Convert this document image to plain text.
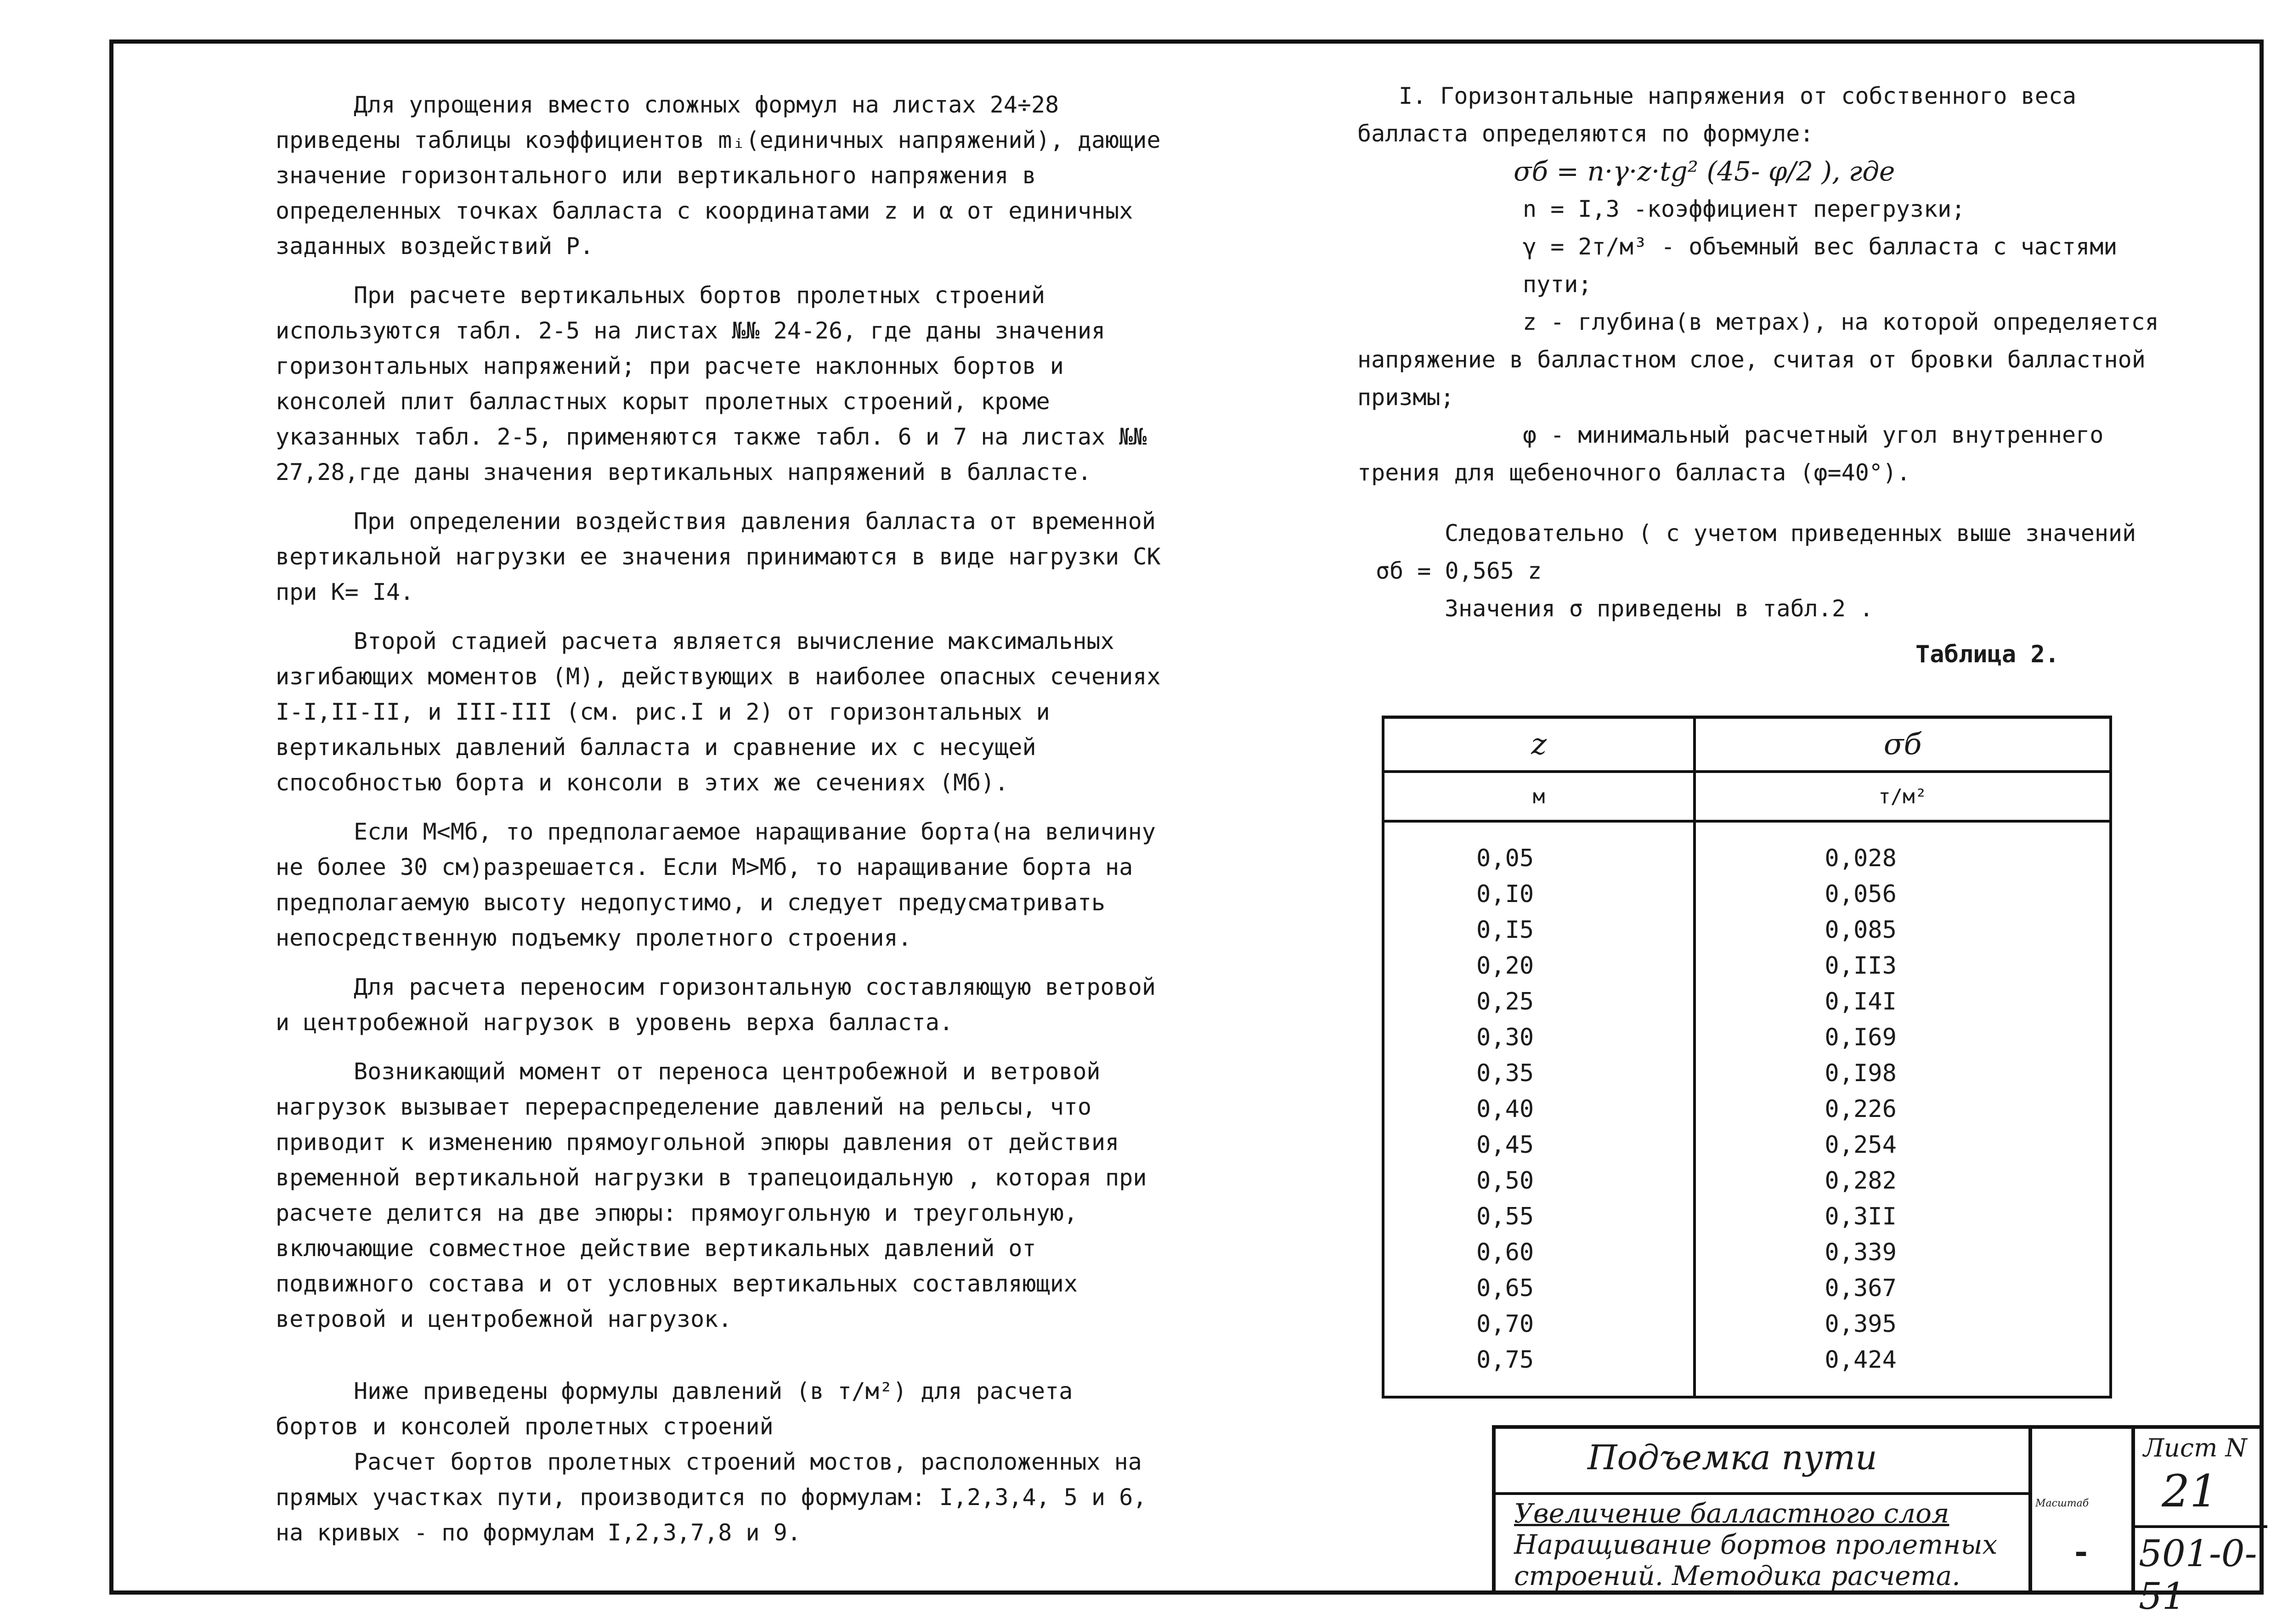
Для упрощения вместо сложных формул на листах 24÷28 приведены таблицы коэффициентов mᵢ(единичных напряжений), дающие значение горизонтального или вертикального напряжения в определенных точках балласта с координатами z и α от единичных заданных воздействий Р.

При расчете вертикальных бортов пролетных строений используются табл. 2-5 на листах №№ 24-26, где даны значения горизонтальных напряжений; при расчете наклонных бортов и консолей плит балластных корыт пролетных строений, кроме указанных табл. 2-5, применяются также табл. 6 и 7 на листах №№ 27,28,где даны значения вертикальных напряжений в балласте.

При определении воздействия давления балласта от временной вертикальной нагрузки ее значения принимаются в виде нагрузки СК при К= I4.

Второй стадией расчета является вычисление максимальных изгибающих моментов (М), действующих в наиболее опасных сечениях I-I,II-II, и III-III (см. рис.I и 2) от горизонтальных и вертикальных давлений балласта и сравнение их с несущей способностью борта и консоли в этих же сечениях (Мб).

Если М<Мб, то предполагаемое наращивание борта(на величину не более 30 см)разрешается. Если М>Мб, то наращивание борта на предполагаемую высоту недопустимо, и следует предусматривать непосредственную подъемку пролетного строения.

Для расчета переносим горизонтальную составляющую ветровой и центробежной нагрузок в уровень верха балласта.

Возникающий момент от переноса центробежной и ветровой нагрузок вызывает перераспределение давлений на рельсы, что приводит к изменению прямоугольной эпюры давления от действия временной вертикальной нагрузки в трапецоидальную , которая при расчете делится на две эпюры: прямоугольную и треугольную, включающие совместное действие вертикальных давлений от подвижного состава и от условных вертикальных составляющих ветровой и центробежной нагрузок.

Ниже приведены формулы давлений (в т/м²) для расчета бортов и консолей пролетных строений

Расчет бортов пролетных строений мостов, расположенных на прямых участках пути, производится по формулам: I,2,3,4, 5 и 6, на кривых - по формулам I,2,3,7,8 и 9.

I. Горизонтальные напряжения от собственного веса балласта определяются по формуле:

σб = n·γ·z·tg² (45- φ/2 ), где

n = I,3 -коэффициент перегрузки;

γ = 2т/м³ - объемный вес балласта с частями пути;

z - глубина(в метрах), на которой определяется напряжение в балластном слое, считая от бровки балластной призмы;

φ - минимальный расчетный угол внутреннего трения для щебеночного балласта (φ=40°).

Следовательно ( с учетом приведенных выше значений

σб = 0,565 z

Значения σ приведены в табл.2 .

Таблица 2.
z	σб
м	т/м²
0,05	0,028
0,I0	0,056
0,I5	0,085
0,20	0,II3
0,25	0,I4I
0,30	0,I69
0,35	0,I98
0,40	0,226
0,45	0,254
0,50	0,282
0,55	0,3II
0,60	0,339
0,65	0,367
0,70	0,395
0,75	0,424
Подъемка пути
Увеличение балластного слоя
Наращивание бортов пролетных
строений. Методика расчета.
Масштаб
-
Лист N
21
501-0-51
